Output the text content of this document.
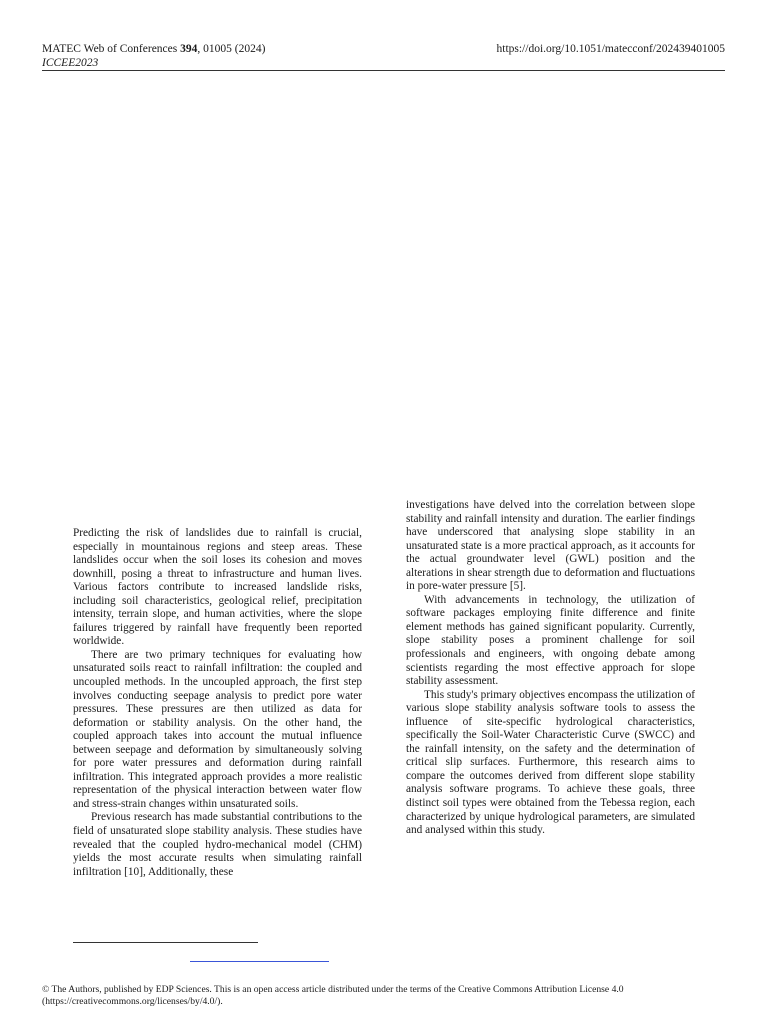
MATEC Web of Conferences 394, 01005 (2024)
ICCEE2023
https://doi.org/10.1051/matecconf/202439401005

Predicting the risk of landslides due to rainfall is crucial, especially in mountainous regions and steep areas. These landslides occur when the soil loses its cohesion and moves downhill, posing a threat to infrastructure and human lives. Various factors contribute to increased landslide risks, including soil characteristics, geological relief, precipitation intensity, terrain slope, and human activities, where the slope failures triggered by rainfall have frequently been reported worldwide.

There are two primary techniques for evaluating how unsaturated soils react to rainfall infiltration: the coupled and uncoupled methods. In the uncoupled approach, the first step involves conducting seepage analysis to predict pore water pressures. These pressures are then utilized as data for deformation or stability analysis. On the other hand, the coupled approach takes into account the mutual influence between seepage and deformation by simultaneously solving for pore water pressures and deformation during rainfall infiltration. This integrated approach provides a more realistic representation of the physical interaction between water flow and stress-strain changes within unsaturated soils.

Previous research has made substantial contributions to the field of unsaturated slope stability analysis. These studies have revealed that the coupled hydro-mechanical model (CHM) yields the most accurate results when simulating rainfall infiltration [10], Additionally, these

investigations have delved into the correlation between slope stability and rainfall intensity and duration. The earlier findings have underscored that analysing slope stability in an unsaturated state is a more practical approach, as it accounts for the actual groundwater level (GWL) position and the alterations in shear strength due to deformation and fluctuations in pore-water pressure [5].

With advancements in technology, the utilization of software packages employing finite difference and finite element methods has gained significant popularity. Currently, slope stability poses a prominent challenge for soil professionals and engineers, with ongoing debate among scientists regarding the most effective approach for slope stability assessment.

This study's primary objectives encompass the utilization of various slope stability analysis software tools to assess the influence of site-specific hydrological characteristics, specifically the Soil-Water Characteristic Curve (SWCC) and the rainfall intensity, on the safety and the determination of critical slip surfaces. Furthermore, this research aims to compare the outcomes derived from different slope stability analysis software programs. To achieve these goals, three distinct soil types were obtained from the Tebessa region, each characterized by unique hydrological parameters, are simulated and analysed within this study.

© The Authors, published by EDP Sciences. This is an open access article distributed under the terms of the Creative Commons Attribution License 4.0
(https://creativecommons.org/licenses/by/4.0/).
